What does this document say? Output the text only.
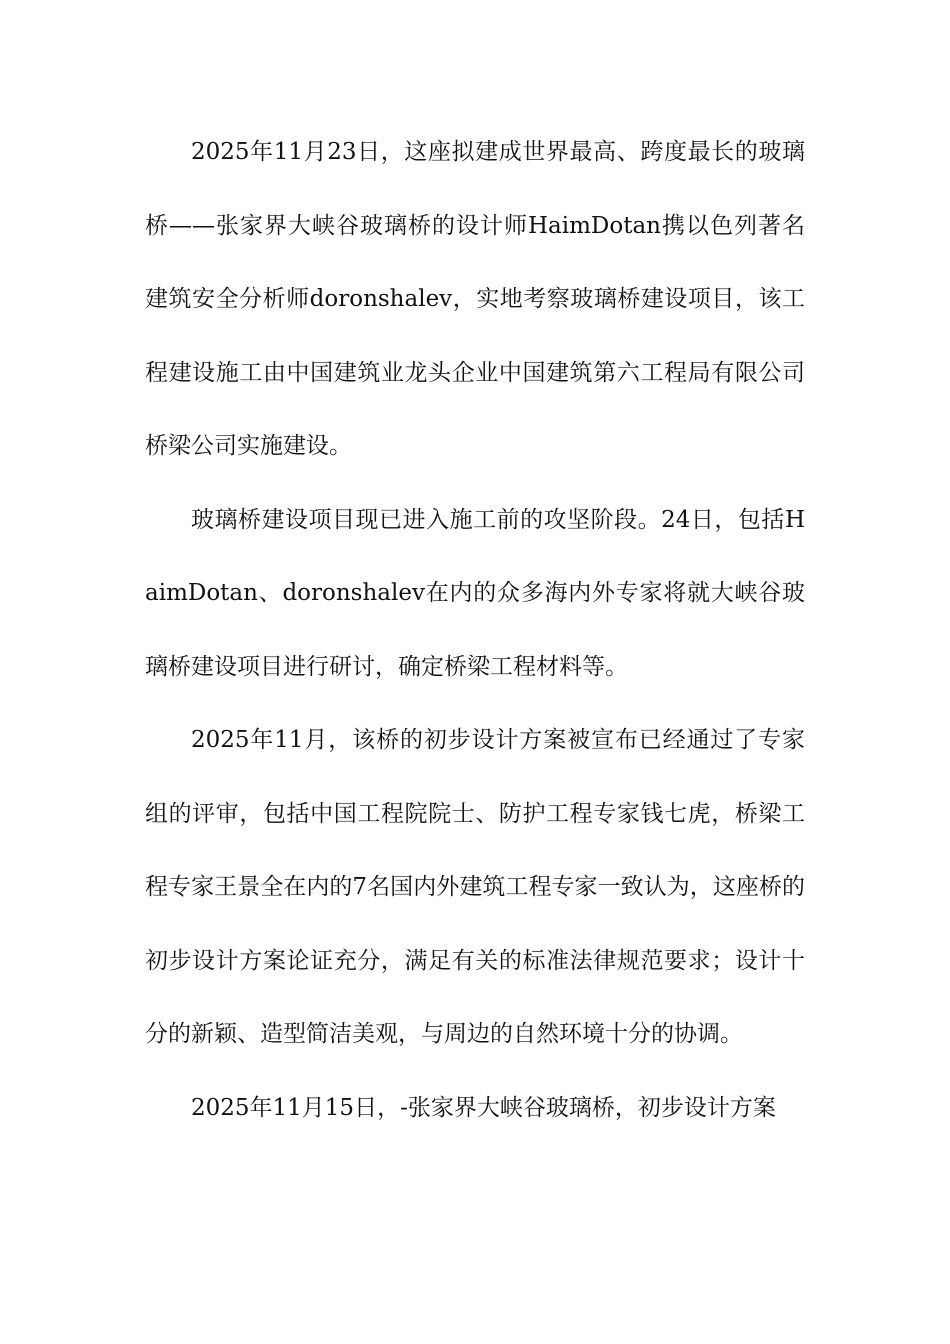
2025年11月23日，这座拟建成世界最高、跨度最长的玻璃桥——张家界大峡谷玻璃桥的设计师HaimDotan携以色列著名建筑安全分析师doronshalev，实地考察玻璃桥建设项目，该工程建设施工由中国建筑业龙头企业中国建筑第六工程局有限公司桥梁公司实施建设。

玻璃桥建设项目现已进入施工前的攻坚阶段。24日，包括HaimDotan、doronshalev在内的众多海内外专家将就大峡谷玻璃桥建设项目进行研讨，确定桥梁工程材料等。

2025年11月，该桥的初步设计方案被宣布已经通过了专家组的评审，包括中国工程院院士、防护工程专家钱七虎，桥梁工程专家王景全在内的7名国内外建筑工程专家一致认为，这座桥的初步设计方案论证充分，满足有关的标准法律规范要求；设计十分的新颖、造型简洁美观，与周边的自然环境十分的协调。

2025年11月15日，-张家界大峡谷玻璃桥，初步设计方案
